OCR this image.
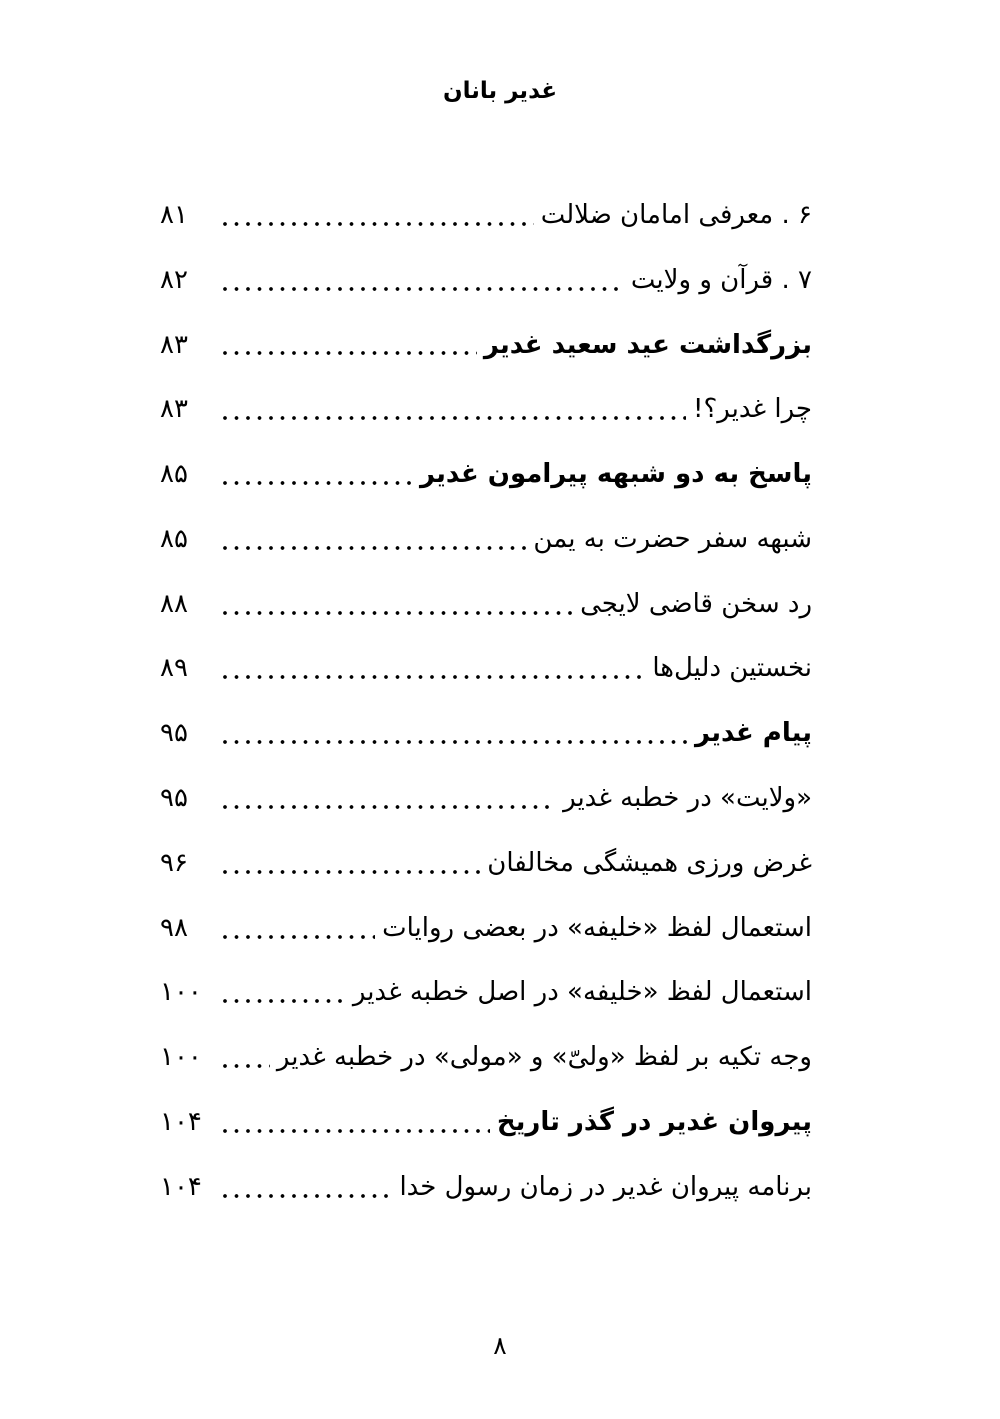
غدیر بانان
۶ . معرفی امامان ضلالت
۸۱
۷ . قرآن و ولایت
۸۲
بزرگداشت عید سعید غدیر
۸۳
چرا غدیر؟!
۸۳
پاسخ به دو شبهه پیرامون غدیر
۸۵
شبهه سفر حضرت به یمن
۸۵
رد سخن قاضی لایجی
۸۸
نخستین دلیل‌ها
۸۹
پیام غدیر
۹۵
«ولایت» در خطبه غدیر
۹۵
غرض ورزی همیشگی مخالفان
۹۶
استعمال لفظ «خلیفه» در بعضی روایات
۹۸
استعمال لفظ «خلیفه» در اصل خطبه غدیر
۱۰۰
وجه تکیه بر لفظ «ولیّ» و «مولی» در خطبه غدیر
۱۰۰
پیروان غدیر در گذر تاریخ
۱۰۴
برنامه پیروان غدیر در زمان رسول خدا
۱۰۴
۸
